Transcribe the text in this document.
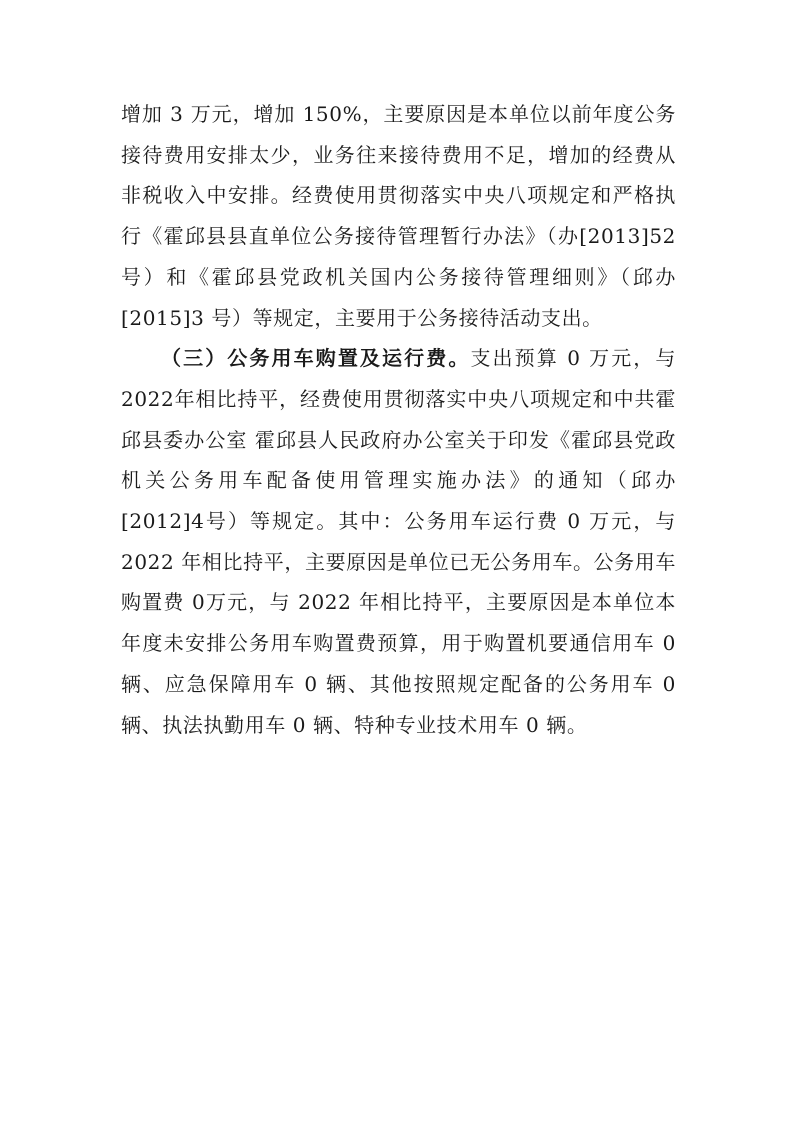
增加 3 万元，增加 150%，主要原因是本单位以前年度公务接待费用安排太少，业务往来接待费用不足，增加的经费从非税收入中安排。经费使用贯彻落实中央八项规定和严格执行《霍邱县县直单位公务接待管理暂行办法》（办[2013]52号）和《霍邱县党政机关国内公务接待管理细则》（邱办[2015]3 号）等规定，主要用于公务接待活动支出。

（三）公务用车购置及运行费。支出预算 0 万元，与 2022年相比持平，经费使用贯彻落实中央八项规定和中共霍邱县委办公室 霍邱县人民政府办公室关于印发《霍邱县党政机关公务用车配备使用管理实施办法》的通知（邱办[2012]4号）等规定。其中：公务用车运行费 0 万元，与 2022 年相比持平，主要原因是单位已无公务用车。公务用车购置费 0万元，与 2022 年相比持平，主要原因是本单位本年度未安排公务用车购置费预算，用于购置机要通信用车 0 辆、应急保障用车 0 辆、其他按照规定配备的公务用车 0 辆、执法执勤用车 0 辆、特种专业技术用车 0 辆。
